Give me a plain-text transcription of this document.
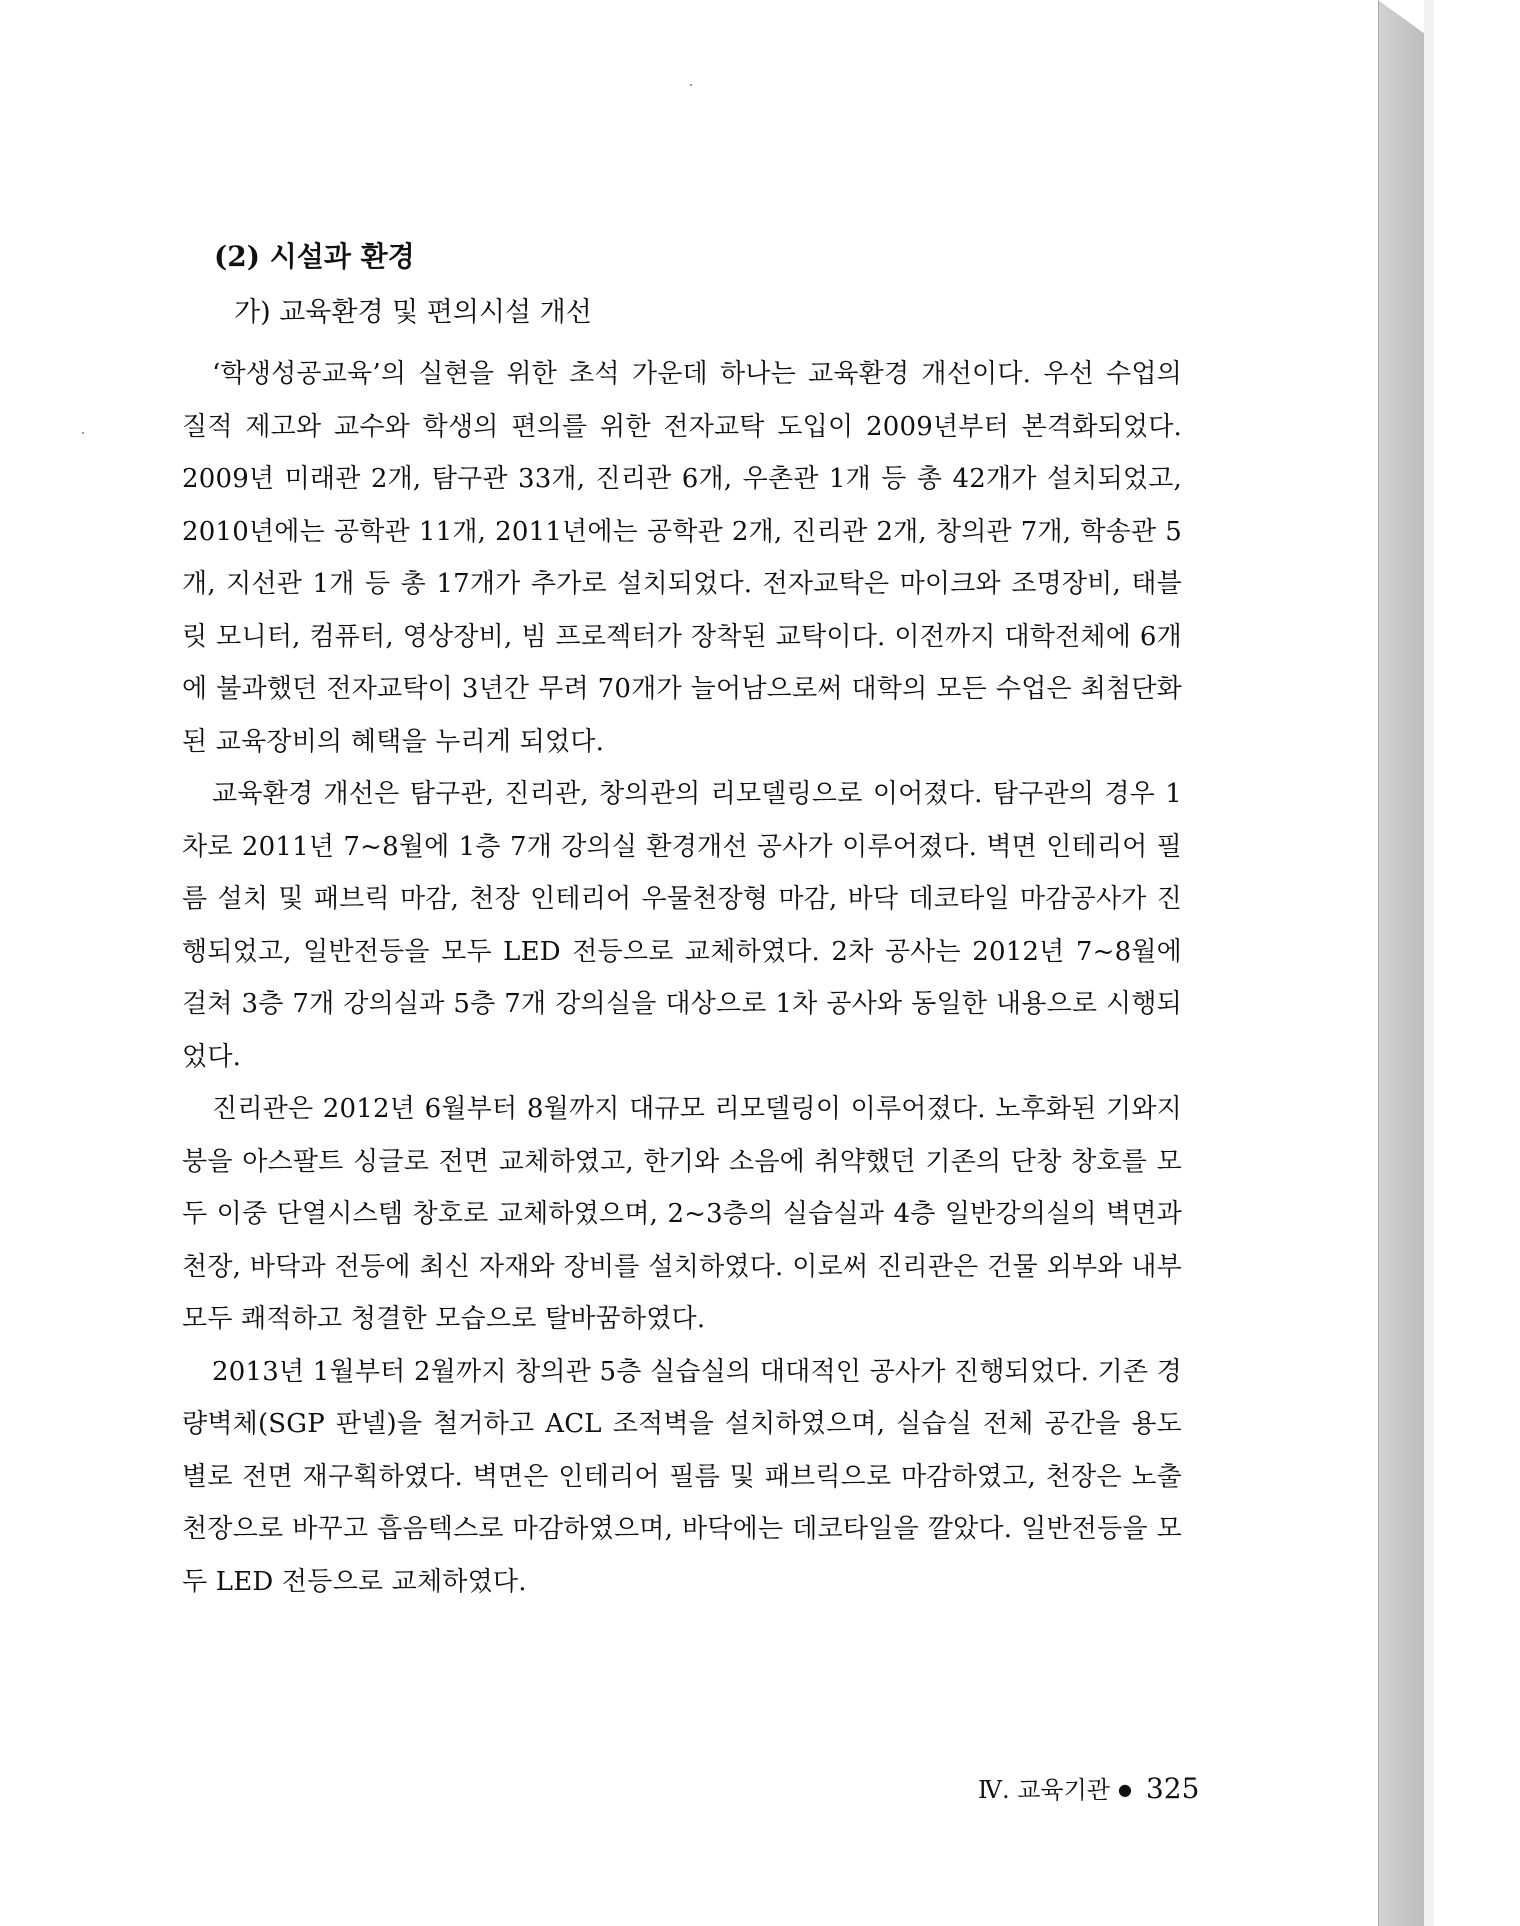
(2) 시설과 환경
가) 교육환경 및 편의시설 개선

‘학생성공교육’의 실현을 위한 초석 가운데 하나는 교육환경 개선이다. 우선 수업의 질적 제고와 교수와 학생의 편의를 위한 전자교탁 도입이 2009년부터 본격화되었다. 2009년 미래관 2개, 탐구관 33개, 진리관 6개, 우촌관 1개 등 총 42개가 설치되었고, 2010년에는 공학관 11개, 2011년에는 공학관 2개, 진리관 2개, 창의관 7개, 학송관 5개, 지선관 1개 등 총 17개가 추가로 설치되었다. 전자교탁은 마이크와 조명장비, 태블릿 모니터, 컴퓨터, 영상장비, 빔 프로젝터가 장착된 교탁이다. 이전까지 대학전체에 6개에 불과했던 전자교탁이 3년간 무려 70개가 늘어남으로써 대학의 모든 수업은 최첨단화된 교육장비의 혜택을 누리게 되었다.

교육환경 개선은 탐구관, 진리관, 창의관의 리모델링으로 이어졌다. 탐구관의 경우 1차로 2011년 7~8월에 1층 7개 강의실 환경개선 공사가 이루어졌다. 벽면 인테리어 필름 설치 및 패브릭 마감, 천장 인테리어 우물천장형 마감, 바닥 데코타일 마감공사가 진행되었고, 일반전등을 모두 LED 전등으로 교체하였다. 2차 공사는 2012년 7~8월에 걸쳐 3층 7개 강의실과 5층 7개 강의실을 대상으로 1차 공사와 동일한 내용으로 시행되었다.

진리관은 2012년 6월부터 8월까지 대규모 리모델링이 이루어졌다. 노후화된 기와지붕을 아스팔트 싱글로 전면 교체하였고, 한기와 소음에 취약했던 기존의 단창 창호를 모두 이중 단열시스템 창호로 교체하였으며, 2~3층의 실습실과 4층 일반강의실의 벽면과 천장, 바닥과 전등에 최신 자재와 장비를 설치하였다. 이로써 진리관은 건물 외부와 내부 모두 쾌적하고 청결한 모습으로 탈바꿈하였다.

2013년 1월부터 2월까지 창의관 5층 실습실의 대대적인 공사가 진행되었다. 기존 경량벽체(SGP 판넬)을 철거하고 ACL 조적벽을 설치하였으며, 실습실 전체 공간을 용도별로 전면 재구획하였다. 벽면은 인테리어 필름 및 패브릭으로 마감하였고, 천장은 노출천장으로 바꾸고 흡음텍스로 마감하였으며, 바닥에는 데코타일을 깔았다. 일반전등을 모두 LED 전등으로 교체하였다.

Ⅳ. 교육기관 ● 325
